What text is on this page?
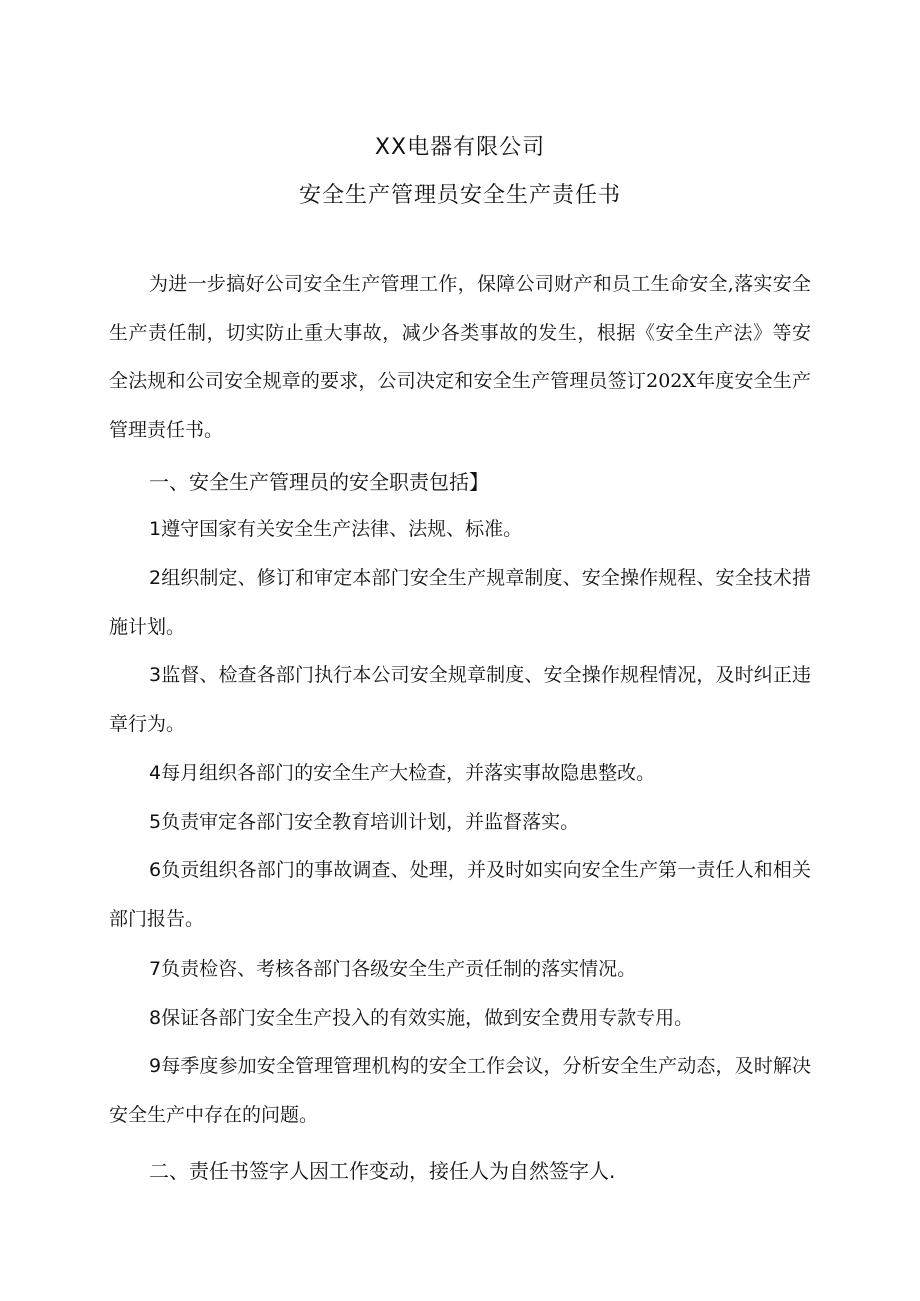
XX电器有限公司
安全生产管理员安全生产责任书
为进一步搞好公司安全生产管理工作，保障公司财产和员工生命安全,落实安全生产责任制，切实防止重大事故，减少各类事故的发生，根据《安全生产法》等安全法规和公司安全规章的要求，公司决定和安全生产管理员签订202X年度安全生产管理责任书。
一、安全生产管理员的安全职责包括】
1遵守国家有关安全生产法律、法规、标准。
2组织制定、修订和审定本部门安全生产规章制度、安全操作规程、安全技术措施计划。
3监督、检查各部门执行本公司安全规章制度、安全操作规程情况，及时纠正违章行为。
4每月组织各部门的安全生产大检查，并落实事故隐患整改。
5负责审定各部门安全教育培训计划，并监督落实。
6负贡组织各部门的事故调查、处理，并及时如实向安全生产第一责任人和相关部门报告。
7负责检咨、考核各部门各级安全生产贡任制的落实情况。
8保证各部门安全生产投入的有效实施，做到安全费用专款专用。
9每季度参加安全管理管理机构的安全工作会议，分析安全生产动态，及时解决安全生产中存在的问题。
二、责任书签字人因工作变动，接任人为自然签字人.
